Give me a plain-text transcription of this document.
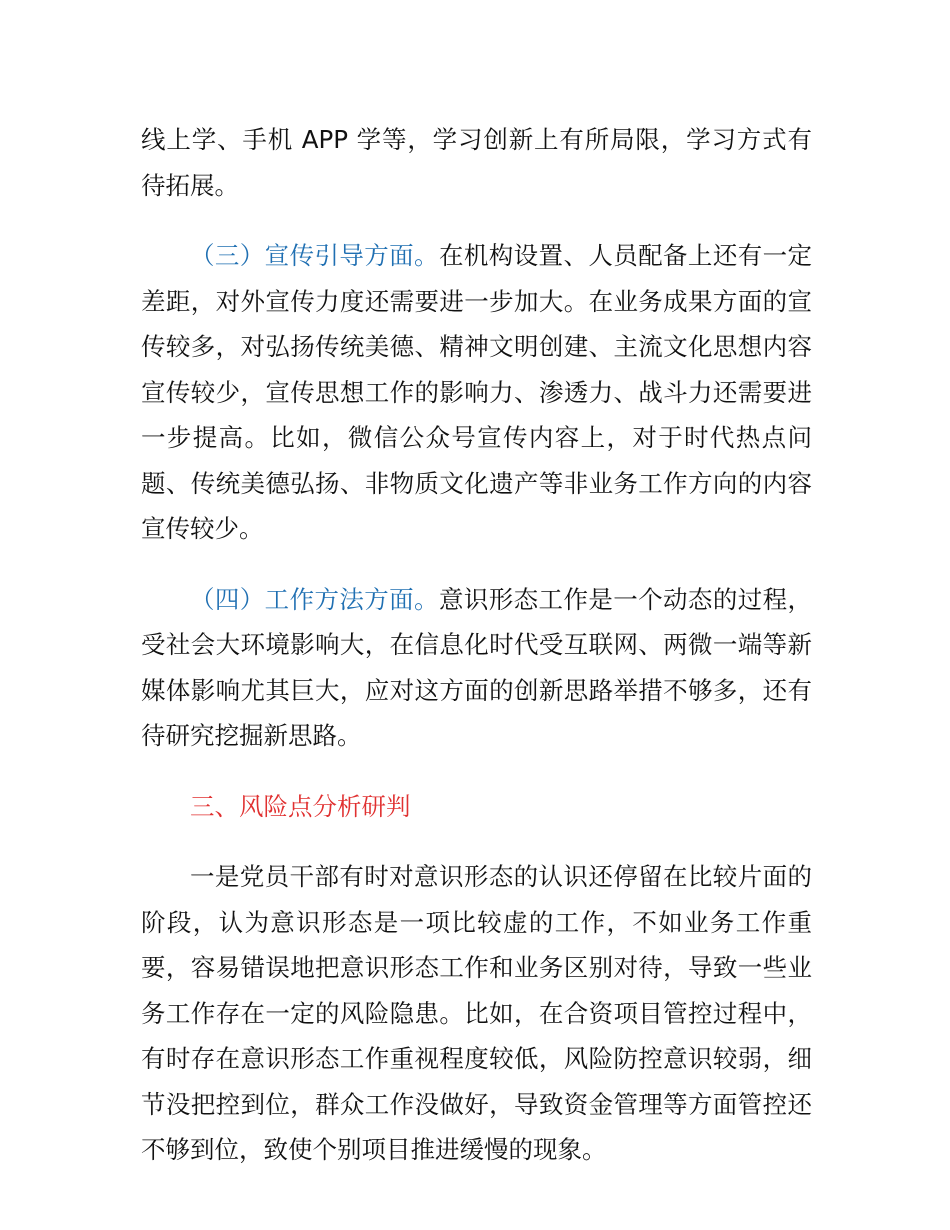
线上学、手机 APP 学等，学习创新上有所局限，学习方式有待拓展。

（三）宣传引导方面。在机构设置、人员配备上还有一定差距，对外宣传力度还需要进一步加大。在业务成果方面的宣传较多，对弘扬传统美德、精神文明创建、主流文化思想内容宣传较少，宣传思想工作的影响力、渗透力、战斗力还需要进一步提高。比如，微信公众号宣传内容上，对于时代热点问题、传统美德弘扬、非物质文化遗产等非业务工作方向的内容宣传较少。

（四）工作方法方面。意识形态工作是一个动态的过程，受社会大环境影响大，在信息化时代受互联网、两微一端等新媒体影响尤其巨大，应对这方面的创新思路举措不够多，还有待研究挖掘新思路。

三、风险点分析研判

一是党员干部有时对意识形态的认识还停留在比较片面的阶段，认为意识形态是一项比较虚的工作，不如业务工作重要，容易错误地把意识形态工作和业务区别对待，导致一些业务工作存在一定的风险隐患。比如，在合资项目管控过程中，有时存在意识形态工作重视程度较低，风险防控意识较弱，细节没把控到位，群众工作没做好，导致资金管理等方面管控还不够到位，致使个别项目推进缓慢的现象。
